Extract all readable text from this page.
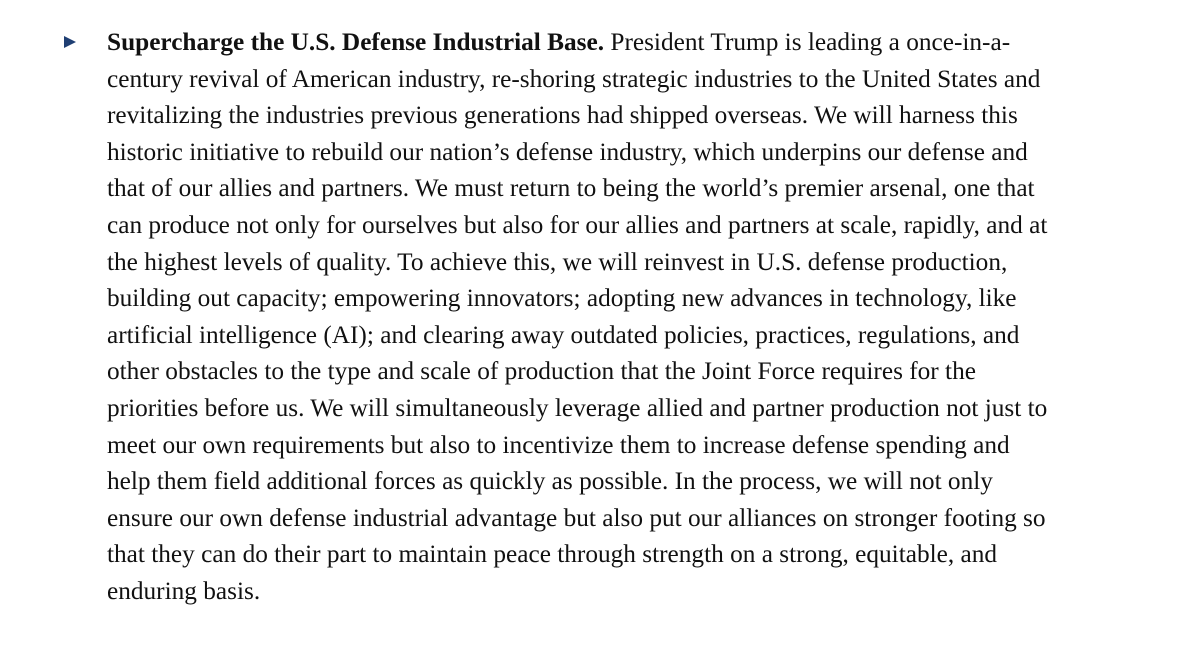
Supercharge the U.S. Defense Industrial Base. President Trump is leading a once-in-a-
century revival of American industry, re-shoring strategic industries to the United States and
revitalizing the industries previous generations had shipped overseas. We will harness this
historic initiative to rebuild our nation’s defense industry, which underpins our defense and
that of our allies and partners. We must return to being the world’s premier arsenal, one that
can produce not only for ourselves but also for our allies and partners at scale, rapidly, and at
the highest levels of quality. To achieve this, we will reinvest in U.S. defense production,
building out capacity; empowering innovators; adopting new advances in technology, like
artificial intelligence (AI); and clearing away outdated policies, practices, regulations, and
other obstacles to the type and scale of production that the Joint Force requires for the
priorities before us. We will simultaneously leverage allied and partner production not just to
meet our own requirements but also to incentivize them to increase defense spending and
help them field additional forces as quickly as possible. In the process, we will not only
ensure our own defense industrial advantage but also put our alliances on stronger footing so
that they can do their part to maintain peace through strength on a strong, equitable, and
enduring basis.
